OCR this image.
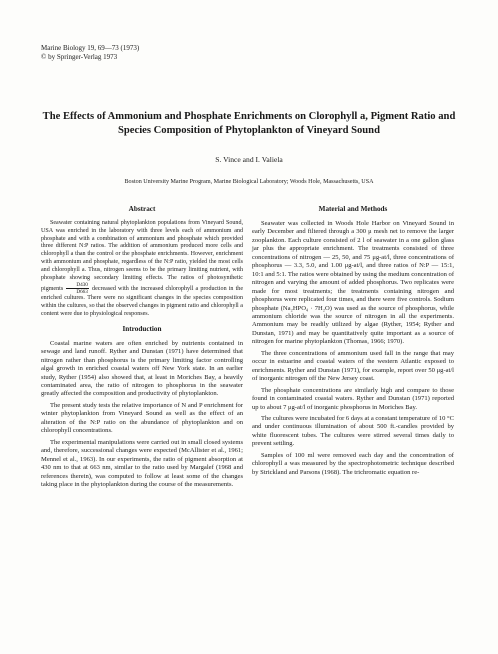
Marine Biology 19, 69—73 (1973)
© by Springer-Verlag 1973
The Effects of Ammonium and Phosphate Enrichments on Clorophyll a, Pigment Ratio and Species Composition of Phytoplankton of Vineyard Sound
S. Vince and I. Valiela
Boston University Marine Program, Marine Biological Laboratory; Woods Hole, Massachusetts, USA
Abstract

Seawater containing natural phytoplankton populations from Vineyard Sound, USA was enriched in the laboratory with three levels each of ammonium and phosphate and with a combination of ammonium and phosphate which provided three different N:P ratios. The addition of ammonium produced more cells and chlorophyll a than the control or the phosphate enrichments. However, enrichment with ammonium and phosphate, regardless of the N:P ratio, yielded the most cells and chlorophyll a. Thus, nitrogen seems to be the primary limiting nutrient, with phosphate showing secondary limiting effects. The ratios of photosynthetic pigments $\frac{D430}{D663}$ decreased with the increased chlorophyll a production in the enriched cultures. There were no significant changes in the species composition within the cultures, so that the observed changes in pigment ratio and chlorophyll a content were due to physiological responses.

Introduction

Coastal marine waters are often enriched by nutrients contained in sewage and land runoff. Ryther and Dunstan (1971) have determined that nitrogen rather than phosphorus is the primary limiting factor controlling algal growth in enriched coastal waters off New York state. In an earlier study, Ryther (1954) also showed that, at least in Moriches Bay, a heavily contaminated area, the ratio of nitrogen to phosphorus in the seawater greatly affected the composition and productivity of phytoplankton.

The present study tests the relative importance of N and P enrichment for winter phytoplankton from Vineyard Sound as well as the effect of an alteration of the N:P ratio on the abundance of phytoplankton and on chlorophyll concentrations.

The experimental manipulations were carried out in small closed systems and, therefore, successional changes were expected (McAllister et al., 1961; Mennel et al., 1963). In our experiments, the ratio of pigment absorption at 430 nm to that at 663 nm, similar to the ratio used by Margalef (1968 and references therein), was computed to follow at least some of the changes taking place in the phytoplankton during the course of the measurements.

Material and Methods

Seawater was collected in Woods Hole Harbor on Vineyard Sound in early December and filtered through a 300 μ mesh net to remove the larger zooplankton. Each culture consisted of 2 l of seawater in a one gallon glass jar plus the appropriate enrichment. The treatments consisted of three concentrations of nitrogen — 25, 50, and 75 μg-at/l, three concentrations of phosphorus — 3.3, 5.0, and 1.00 μg-at/l, and three ratios of N:P — 15:1, 10:1 and 5:1. The ratios were obtained by using the medium concentration of nitrogen and varying the amount of added phosphorus. Two replicates were made for most treatments; the treatments containing nitrogen and phosphorus were replicated four times, and there were five controls. Sodium phosphate (Na₂HPO₄ · 7H₂O) was used as the source of phosphorus, while ammonium chloride was the source of nitrogen in all the experiments. Ammonium may be readily utilized by algae (Ryther, 1954; Ryther and Dunstan, 1971) and may be quantitatively quite important as a source of nitrogen for marine phytoplankton (Thomas, 1966; 1970).

The three concentrations of ammonium used fall in the range that may occur in estuarine and coastal waters of the western Atlantic exposed to enrichments. Ryther and Dunstan (1971), for example, report over 50 μg-at/l of inorganic nitrogen off the New Jersey coast.

The phosphate concentrations are similarly high and compare to those found in contaminated coastal waters. Ryther and Dunstan (1971) reported up to about 7 μg-at/l of inorganic phosphorus in Moriches Bay.

The cultures were incubated for 6 days at a constant temperature of 10 °C and under continuous illumination of about 500 ft.-candles provided by white fluorescent tubes. The cultures were stirred several times daily to prevent settling.

Samples of 100 ml were removed each day and the concentration of chlorophyll a was measured by the spectrophotometric technique described by Strickland and Parsons (1968). The trichromatic equation re-
